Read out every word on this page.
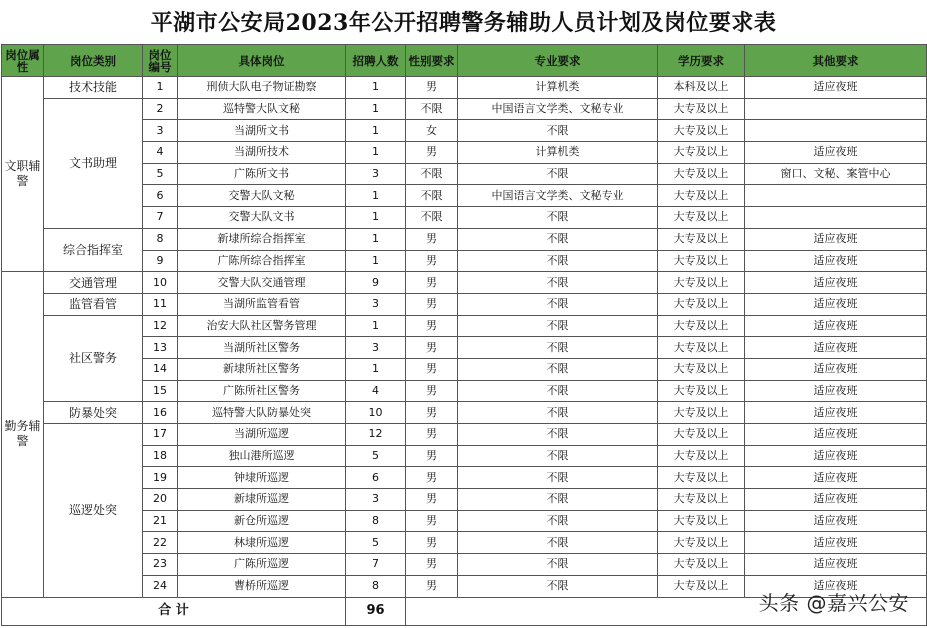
平湖市公安局2023年公开招聘警务辅助人员计划及岗位要求表
岗位属性	岗位类别	岗位编号	具体岗位	招聘人数	性别要求	专业要求	学历要求	其他要求
文职辅警	技术技能	1	刑侦大队电子物证勘察	1	男	计算机类	本科及以上	适应夜班
	文书助理	2	巡特警大队文秘	1	不限	中国语言文学类、文秘专业	大专及以上	
		3	当湖所文书	1	女	不限	大专及以上	
		4	当湖所技术	1	男	计算机类	大专及以上	适应夜班
		5	广陈所文书	3	不限	不限	大专及以上	窗口、文秘、案管中心
		6	交警大队文秘	1	不限	中国语言文学类、文秘专业	大专及以上	
		7	交警大队文书	1	不限	不限	大专及以上	
	综合指挥室	8	新埭所综合指挥室	1	男	不限	大专及以上	适应夜班
		9	广陈所综合指挥室	1	男	不限	大专及以上	适应夜班
勤务辅警	交通管理	10	交警大队交通管理	9	男	不限	大专及以上	适应夜班
	监管看管	11	当湖所监管看管	3	男	不限	大专及以上	适应夜班
	社区警务	12	治安大队社区警务管理	1	男	不限	大专及以上	适应夜班
		13	当湖所社区警务	3	男	不限	大专及以上	适应夜班
		14	新埭所社区警务	1	男	不限	大专及以上	适应夜班
		15	广陈所社区警务	4	男	不限	大专及以上	适应夜班
	防暴处突	16	巡特警大队防暴处突	10	男	不限	大专及以上	适应夜班
	巡逻处突	17	当湖所巡逻	12	男	不限	大专及以上	适应夜班
		18	独山港所巡逻	5	男	不限	大专及以上	适应夜班
		19	钟埭所巡逻	6	男	不限	大专及以上	适应夜班
		20	新埭所巡逻	3	男	不限	大专及以上	适应夜班
		21	新仓所巡逻	8	男	不限	大专及以上	适应夜班
		22	林埭所巡逻	5	男	不限	大专及以上	适应夜班
		23	广陈所巡逻	7	男	不限	大专及以上	适应夜班
		24	曹桥所巡逻	8	男	不限	大专及以上	适应夜班
合 计				96					头条 @嘉兴公安
